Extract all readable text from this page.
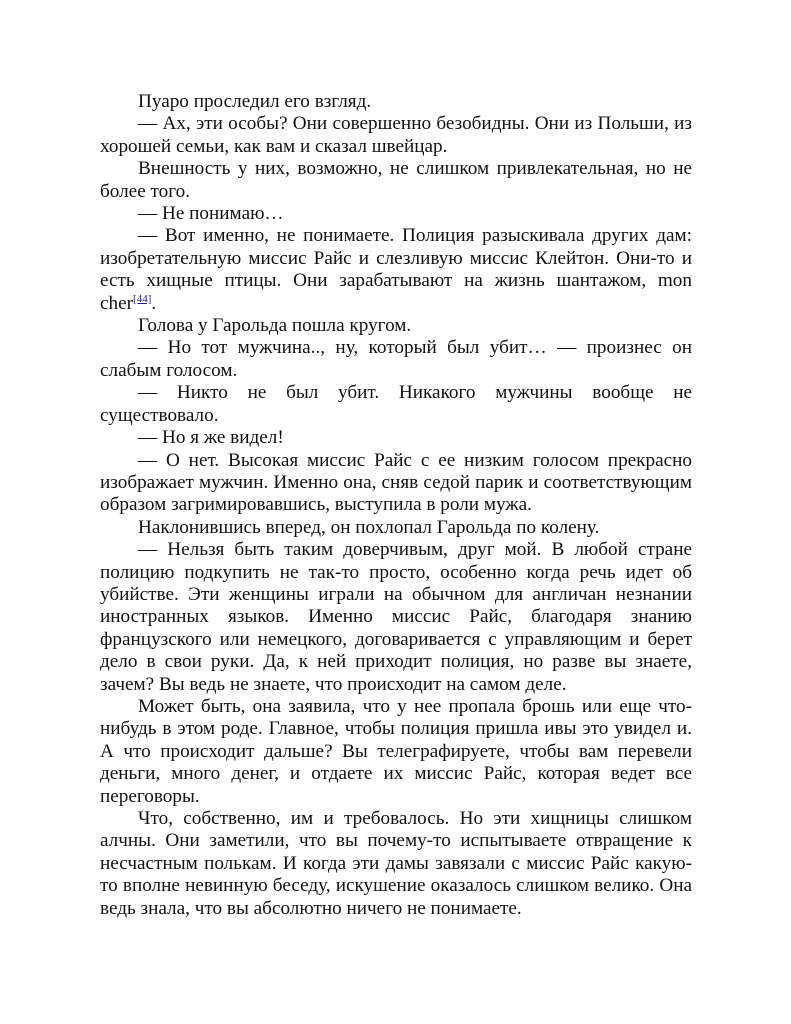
Пуаро проследил его взгляд.

— Ах, эти особы? Они совершенно безобидны. Они из Польши, из хорошей семьи, как вам и сказал швейцар.

Внешность у них, возможно, не слишком привлекательная, но не более того.

— Не понимаю…

— Вот именно, не понимаете. Полиция разыскивала других дам: изобретательную миссис Райс и слезливую миссис Клейтон. Они-то и есть хищные птицы. Они зарабатывают на жизнь шантажом, mon cher[44].

Голова у Гарольда пошла кругом.

— Но тот мужчина.., ну, который был убит… — произнес он слабым голосом.

— Никто не был убит. Никакого мужчины вообще не существовало.

— Но я же видел!

— О нет. Высокая миссис Райс с ее низким голосом прекрасно изображает мужчин. Именно она, сняв седой парик и соответствующим образом загримировавшись, выступила в роли мужа.

Наклонившись вперед, он похлопал Гарольда по колену.

— Нельзя быть таким доверчивым, друг мой. В любой стране полицию подкупить не так-то просто, особенно когда речь идет об убийстве. Эти женщины играли на обычном для англичан незнании иностранных языков. Именно миссис Райс, благодаря знанию французского или немецкого, договаривается с управляющим и берет дело в свои руки. Да, к ней приходит полиция, но разве вы знаете, зачем? Вы ведь не знаете, что происходит на самом деле.

Может быть, она заявила, что у нее пропала брошь или еще что-нибудь в этом роде. Главное, чтобы полиция пришла ивы это увидел и. А что происходит дальше? Вы телеграфируете, чтобы вам перевели деньги, много денег, и отдаете их миссис Райс, которая ведет все переговоры.

Что, собственно, им и требовалось. Но эти хищницы слишком алчны. Они заметили, что вы почему-то испытываете отвращение к несчастным полькам. И когда эти дамы завязали с миссис Райс какую-то вполне невинную беседу, искушение оказалось слишком велико. Она ведь знала, что вы абсолютно ничего не понимаете.
